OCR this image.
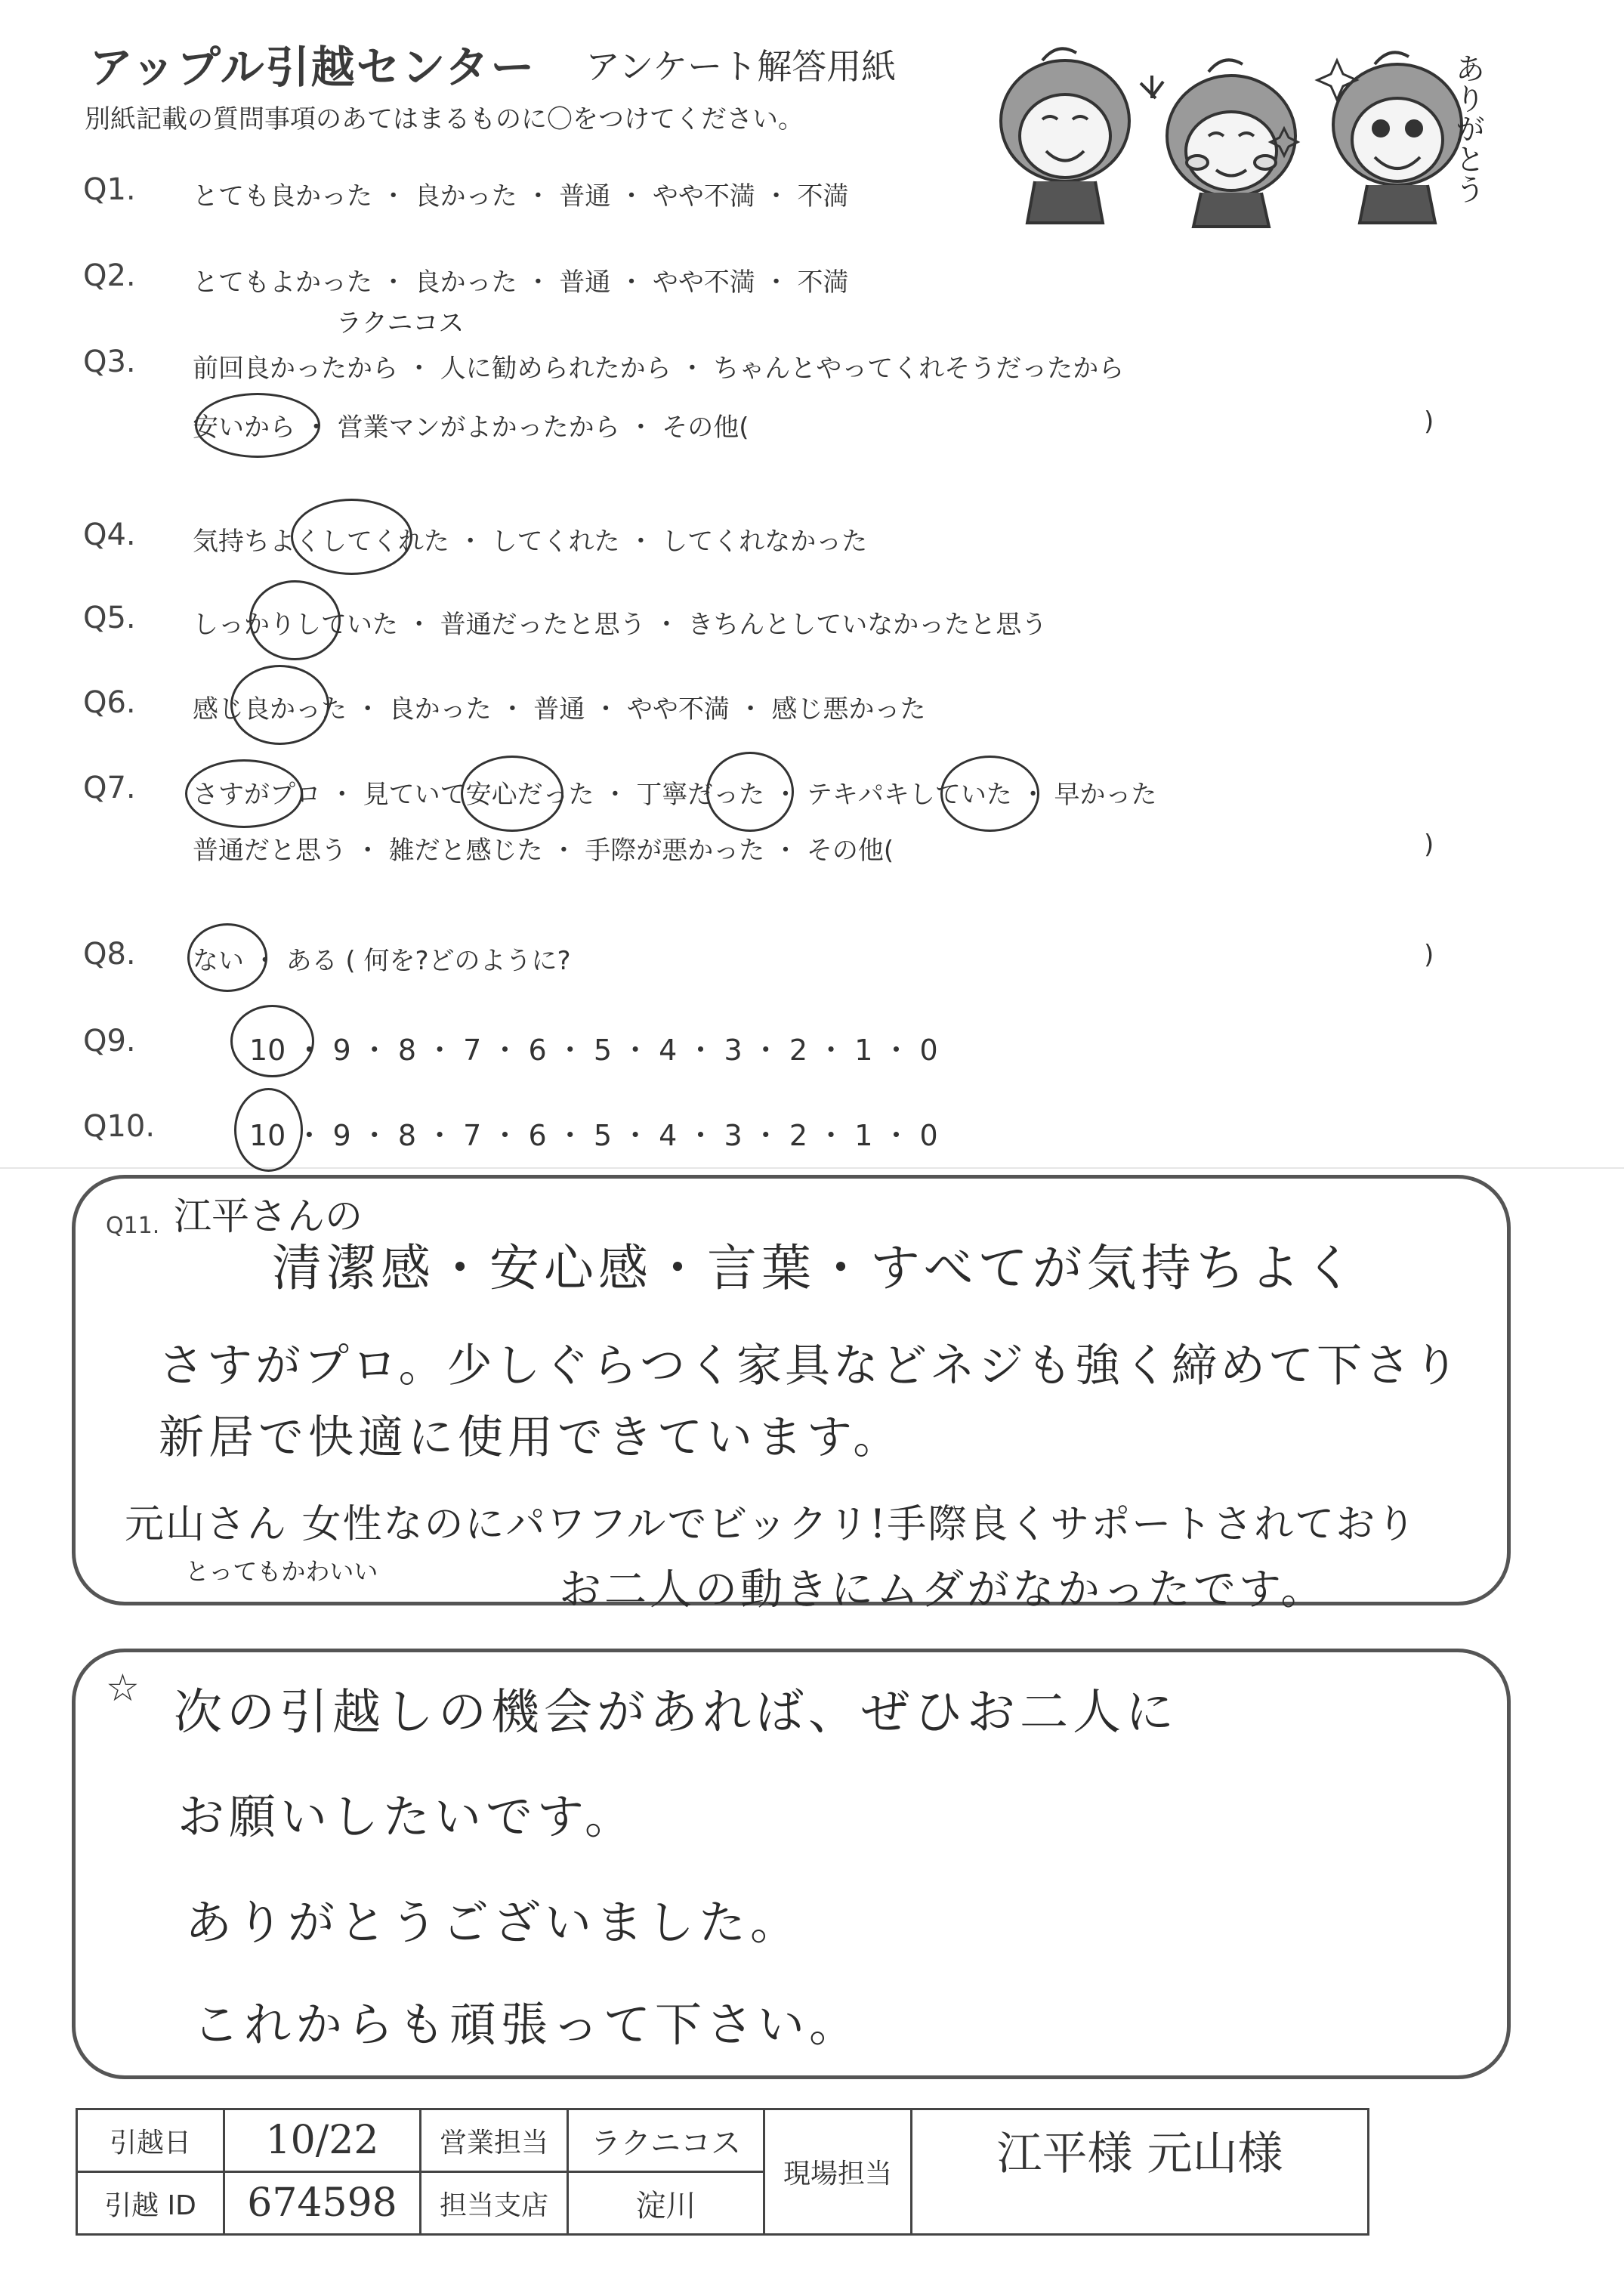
アップル引越センター アンケート解答用紙
別紙記載の質問事項のあてはまるものに〇をつけてください。	ありがとう
Q1. とても良かった ・ 良かった ・ 普通 ・ やや不満 ・ 不満
Q2. とてもよかった ・ 良かった ・ 普通 ・ やや不満 ・ 不満
ラクニコス
Q3. 前回良かったから ・ 人に勧められたから ・ ちゃんとやってくれそうだったから
安いから ・ 営業マンがよかったから ・ その他(	)
Q4. 気持ちよくしてくれた ・ してくれた ・ してくれなかった
Q5. しっかりしていた ・ 普通だったと思う ・ きちんとしていなかったと思う
Q6. 感じ良かった ・ 良かった ・ 普通 ・ やや不満 ・ 感じ悪かった
Q7. さすがプロ ・ 見ていて安心だった ・ 丁寧だった ・ テキパキしていた ・ 早かった
普通だと思う ・ 雑だと感じた ・ 手際が悪かった ・ その他(	)
Q8. ない ・ ある ( 何を?どのように?	)
Q9.	10 ・ 9 ・ 8 ・ 7 ・ 6 ・ 5 ・ 4 ・ 3 ・ 2 ・ 1 ・ 0
Q10.	10 ・ 9 ・ 8 ・ 7 ・ 6 ・ 5 ・ 4 ・ 3 ・ 2 ・ 1 ・ 0
Q11. 江平さんの
清潔感・安心感・言葉・すべてが気持ちよく
さすがプロ。少しぐらつく家具などネジも強く締めて下さり
新居で快適に使用できています。
元山さん 女性なのにパワフルでビックリ!手際良くサポートされており
とってもかわいい	お二人の動きにムダがなかったです。
☆ 次の引越しの機会があれば、ぜひお二人に
お願いしたいです。
ありがとうございました。
これからも頑張って下さい。
引越日	10/22	営業担当	ラクニコス	現場担当	江平様 元山様
引越 ID	674598	担当支店	淀川		
